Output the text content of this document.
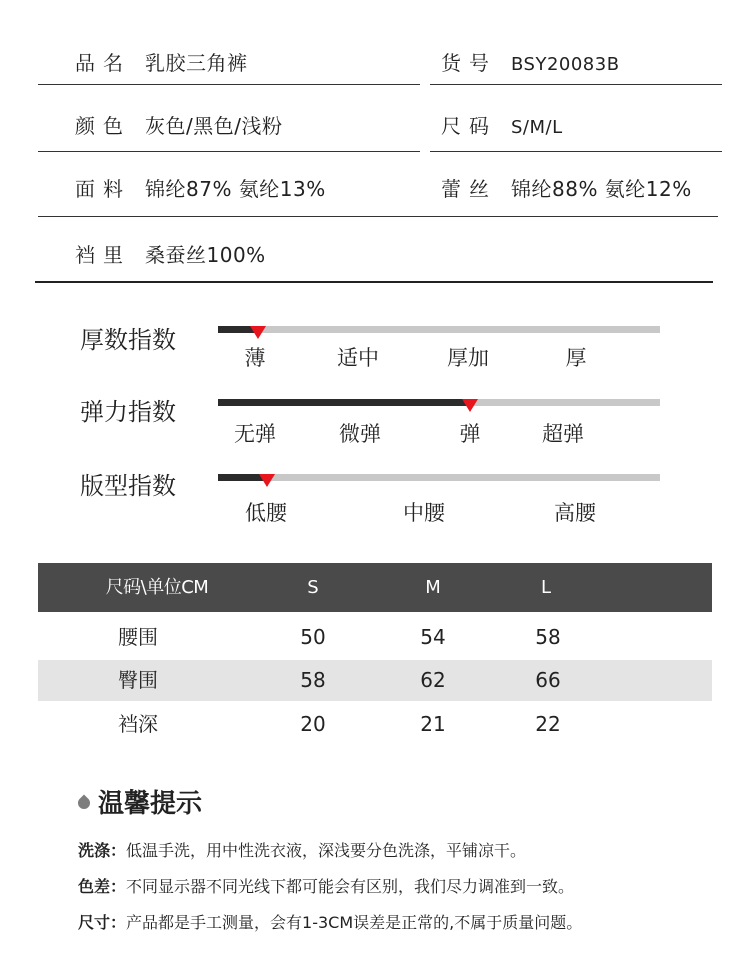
品名 乳胶三角裤	货号 BSY20083B
颜色 灰色/黑色/浅粉	尺码 S/M/L
面料 锦纶87% 氨纶13%	蕾丝 锦纶88% 氨纶12%
裆里 桑蚕丝100%
厚数指数
薄	适中	厚加	厚
弹力指数
无弹	微弹	弹	超弹
版型指数
低腰	中腰	高腰
尺码\单位CM	S	M	L
腰围	50	54	58
臀围	58	62	66
裆深	20	21	22
温馨提示
洗涤：低温手洗，用中性洗衣液，深浅要分色洗涤，平铺凉干。
色差：不同显示器不同光线下都可能会有区别，我们尽力调准到一致。
尺寸：产品都是手工测量，会有1-3CM误差是正常的,不属于质量问题。
